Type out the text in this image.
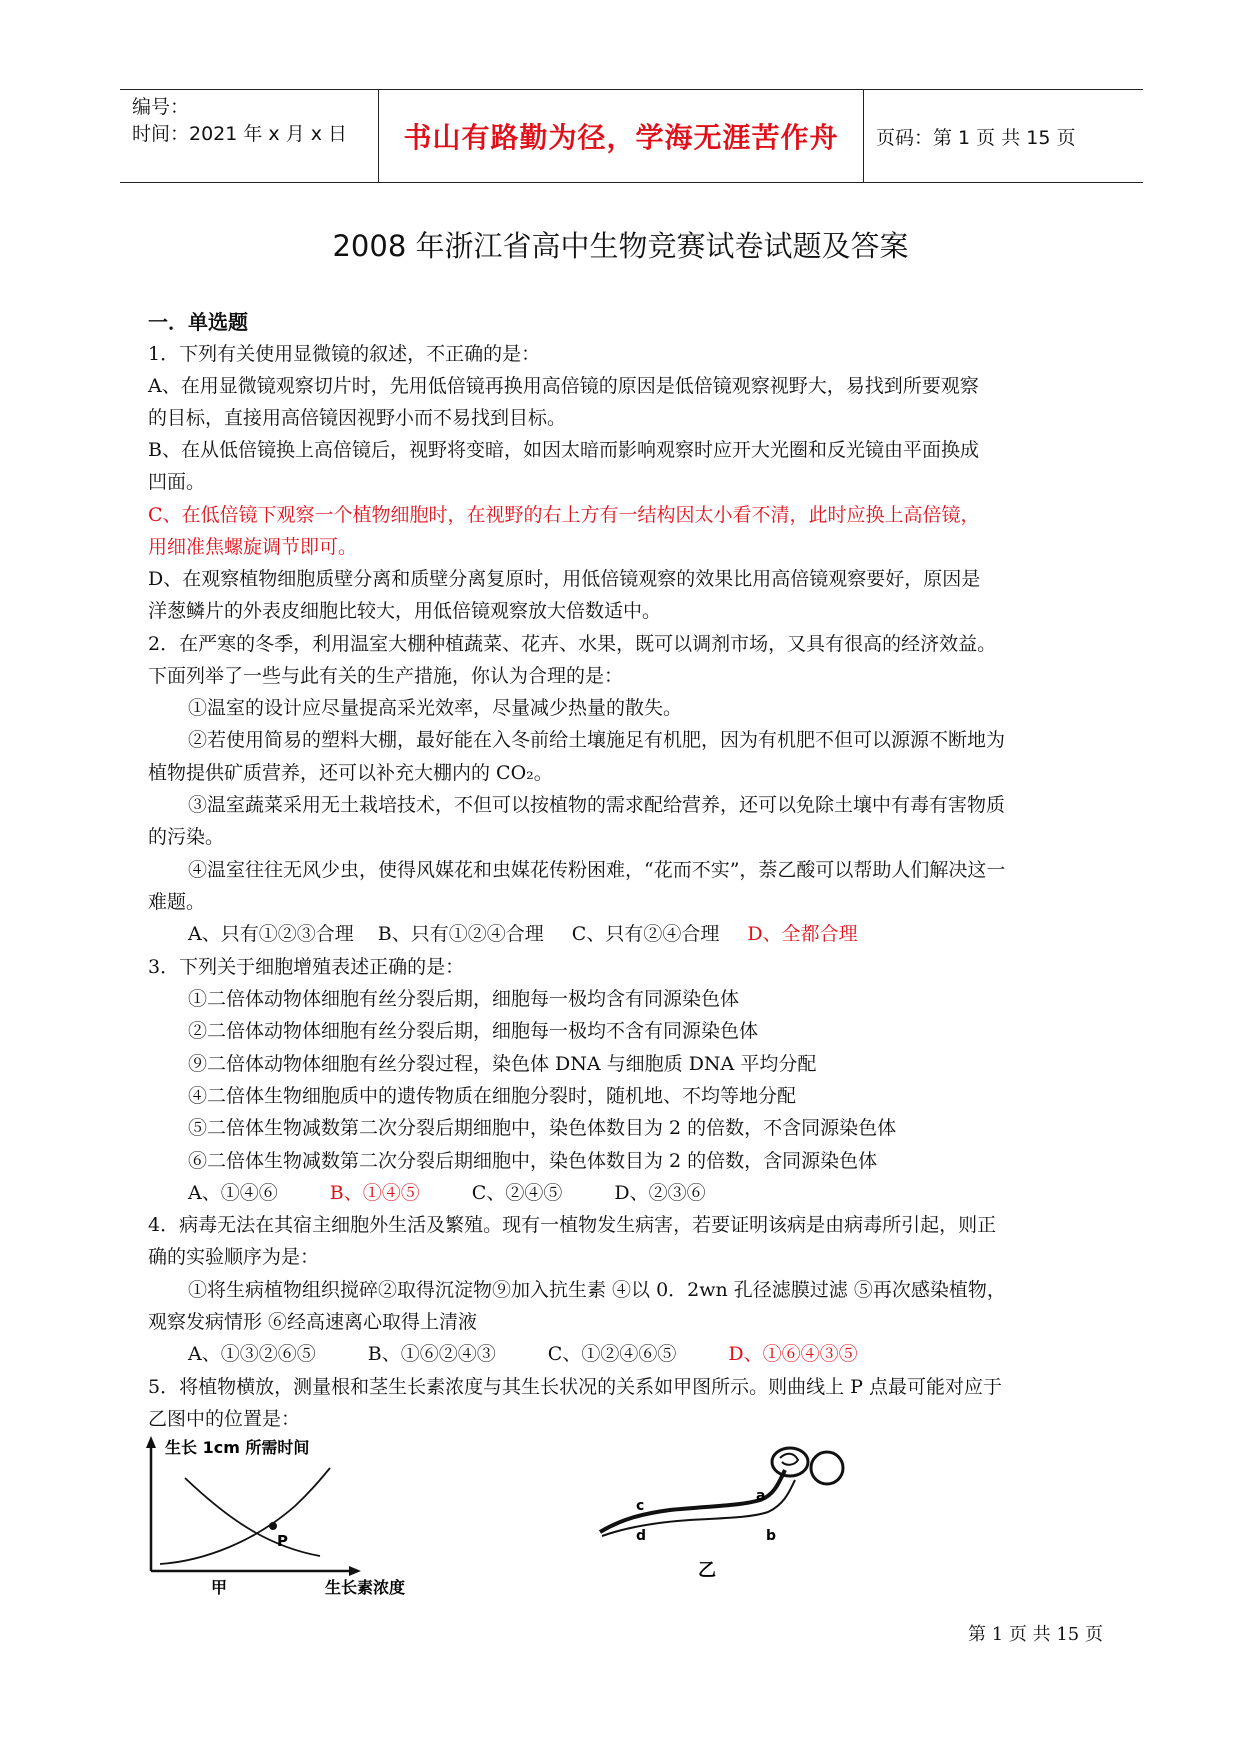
编号：
时间：2021 年 x 月 x 日	书山有路勤为径，学海无涯苦作舟	页码：第 1 页 共 15 页
2008 年浙江省高中生物竞赛试卷试题及答案
一．单选题
1．下列有关使用显微镜的叙述，不正确的是：
A、在用显微镜观察切片时，先用低倍镜再换用高倍镜的原因是低倍镜观察视野大，易找到所要观察
的目标，直接用高倍镜因视野小而不易找到目标。
B、在从低倍镜换上高倍镜后，视野将变暗，如因太暗而影响观察时应开大光圈和反光镜由平面换成
凹面。
C、在低倍镜下观察一个植物细胞时，在视野的右上方有一结构因太小看不清，此时应换上高倍镜，
用细准焦螺旋调节即可。
D、在观察植物细胞质壁分离和质壁分离复原时，用低倍镜观察的效果比用高倍镜观察要好，原因是
洋葱鳞片的外表皮细胞比较大，用低倍镜观察放大倍数适中。
2．在严寒的冬季，利用温室大棚种植蔬菜、花卉、水果，既可以调剂市场，又具有很高的经济效益。
下面列举了一些与此有关的生产措施，你认为合理的是：
①温室的设计应尽量提高采光效率，尽量减少热量的散失。
②若使用简易的塑料大棚，最好能在入冬前给土壤施足有机肥，因为有机肥不但可以源源不断地为
植物提供矿质营养，还可以补充大棚内的 CO₂。
③温室蔬菜采用无土栽培技术，不但可以按植物的需求配给营养，还可以免除土壤中有毒有害物质
的污染。
④温室往往无风少虫，使得风媒花和虫媒花传粉困难，“花而不实”，萘乙酸可以帮助人们解决这一
难题。
A、只有①②③合理 B、只有①②④合理 C、只有②④合理 D、全都合理
3．下列关于细胞增殖表述正确的是：
①二倍体动物体细胞有丝分裂后期，细胞每一极均含有同源染色体
②二倍体动物体细胞有丝分裂后期，细胞每一极均不含有同源染色体
⑨二倍体动物体细胞有丝分裂过程，染色体 DNA 与细胞质 DNA 平均分配
④二倍体生物细胞质中的遗传物质在细胞分裂时，随机地、不均等地分配
⑤二倍体生物减数第二次分裂后期细胞中，染色体数目为 2 的倍数，不含同源染色体
⑥二倍体生物减数第二次分裂后期细胞中，染色体数目为 2 的倍数，含同源染色体
A、①④⑥	B、①④⑤	C、②④⑤	D、②③⑥
4．病毒无法在其宿主细胞外生活及繁殖。现有一植物发生病害，若要证明该病是由病毒所引起，则正
确的实验顺序为是：
①将生病植物组织搅碎②取得沉淀物⑨加入抗生素 ④以 0．2wn 孔径滤膜过滤 ⑤再次感染植物，
观察发病情形 ⑥经高速离心取得上清液
A、①③②⑥⑤	B、①⑥②④③	C、①②④⑥⑤	D、①⑥④③⑤
5．将植物横放，测量根和茎生长素浓度与其生长状况的关系如甲图所示。则曲线上 P 点最可能对应于
乙图中的位置是：
P
生长 1cm 所需时间
甲	生长素浓度
c
d
a
b
乙
第 1 页 共 15 页
